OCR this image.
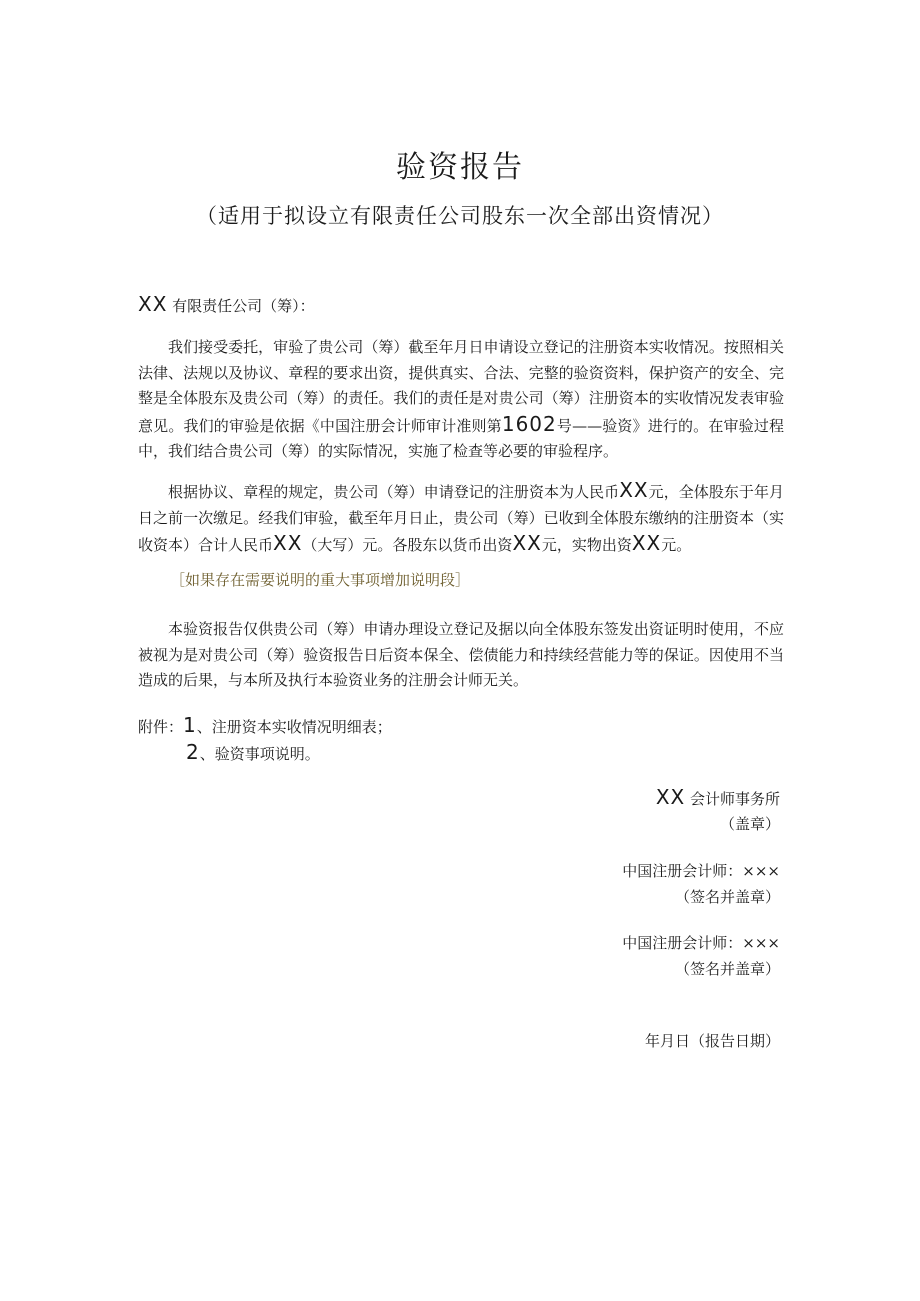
验资报告
（适用于拟设立有限责任公司股东一次全部出资情况）
XX 有限责任公司（筹）：
我们接受委托，审验了贵公司（筹）截至年月日申请设立登记的注册资本实收情况。按照相关法律、法规以及协议、章程的要求出资，提供真实、合法、完整的验资资料，保护资产的安全、完整是全体股东及贵公司（筹）的责任。我们的责任是对贵公司（筹）注册资本的实收情况发表审验意见。我们的审验是依据《中国注册会计师审计准则第1602号——验资》进行的。在审验过程中，我们结合贵公司（筹）的实际情况，实施了检查等必要的审验程序。
根据协议、章程的规定，贵公司（筹）申请登记的注册资本为人民币XX元，全体股东于年月日之前一次缴足。经我们审验，截至年月日止，贵公司（筹）已收到全体股东缴纳的注册资本（实收资本）合计人民币XX（大写）元。各股东以货币出资XX元，实物出资XX元。
［如果存在需要说明的重大事项增加说明段］
本验资报告仅供贵公司（筹）申请办理设立登记及据以向全体股东签发出资证明时使用，不应被视为是对贵公司（筹）验资报告日后资本保全、偿债能力和持续经营能力等的保证。因使用不当造成的后果，与本所及执行本验资业务的注册会计师无关。
附件：1、注册资本实收情况明细表；
2、验资事项说明。
XX 会计师事务所
（盖章）
中国注册会计师：×××
（签名并盖章）
中国注册会计师：×××
（签名并盖章）
年月日（报告日期）
